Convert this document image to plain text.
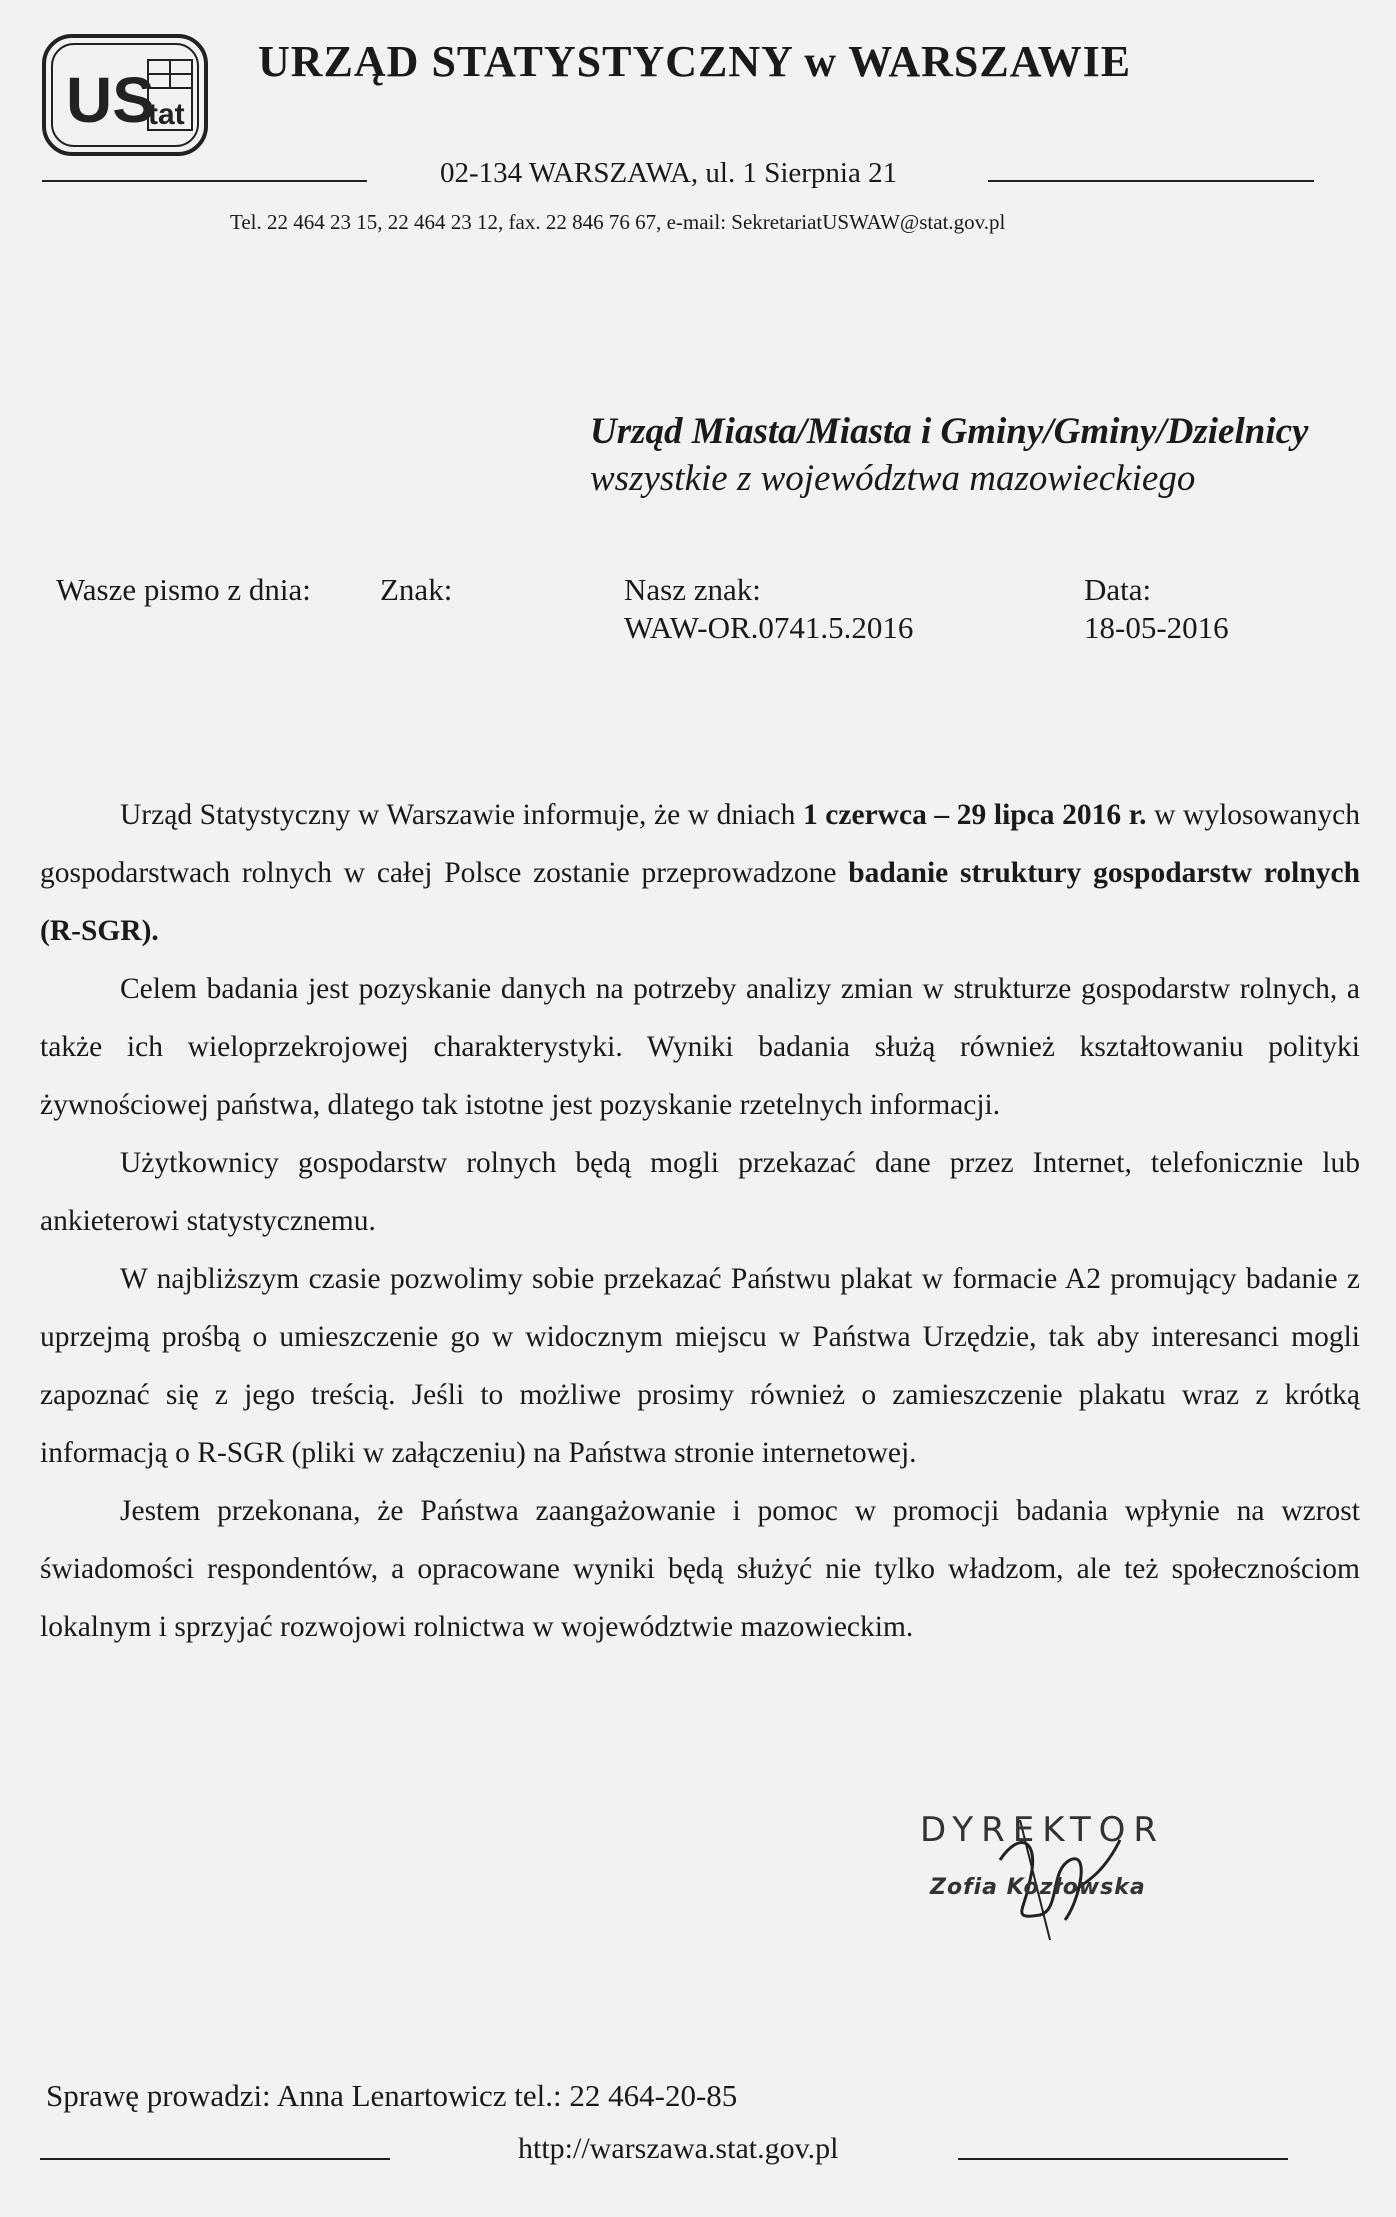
US
tat
URZĄD STATYSTYCZNY w WARSZAWIE
02-134 WARSZAWA, ul. 1 Sierpnia 21
Tel. 22 464 23 15, 22 464 23 12, fax. 22 846 76 67, e-mail: SekretariatUSWAW@stat.gov.pl
Urząd Miasta/Miasta i Gminy/Gminy/Dzielnicy
wszystkie z województwa mazowieckiego
Wasze pismo z dnia: Znak:	Nasz znak:
WAW-OR.0741.5.2016
Data:
18-05-2016

Urząd Statystyczny w Warszawie informuje, że w dniach 1 czerwca – 29 lipca 2016 r. w wylosowanych gospodarstwach rolnych w całej Polsce zostanie przeprowadzone badanie struktury gospodarstw rolnych (R-SGR).

Celem badania jest pozyskanie danych na potrzeby analizy zmian w strukturze gospodarstw rolnych, a także ich wieloprzekrojowej charakterystyki. Wyniki badania służą również kształtowaniu polityki żywnościowej państwa, dlatego tak istotne jest pozyskanie rzetelnych informacji.

Użytkownicy gospodarstw rolnych będą mogli przekazać dane przez Internet, telefonicznie lub ankieterowi statystycznemu.

W najbliższym czasie pozwolimy sobie przekazać Państwu plakat w formacie A2 promujący badanie z uprzejmą prośbą o umieszczenie go w widocznym miejscu w Państwa Urzędzie, tak aby interesanci mogli zapoznać się z jego treścią. Jeśli to możliwe prosimy również o zamieszczenie plakatu wraz z krótką informacją o R-SGR (pliki w załączeniu) na Państwa stronie internetowej.

Jestem przekonana, że Państwa zaangażowanie i pomoc w promocji badania wpłynie na wzrost świadomości respondentów, a opracowane wyniki będą służyć nie tylko władzom, ale też społecznościom lokalnym i sprzyjać rozwojowi rolnictwa w województwie mazowieckim.

DYREKTOR
Zofia Kozłowska
Sprawę prowadzi: Anna Lenartowicz tel.: 22 464-20-85
http://warszawa.stat.gov.pl
